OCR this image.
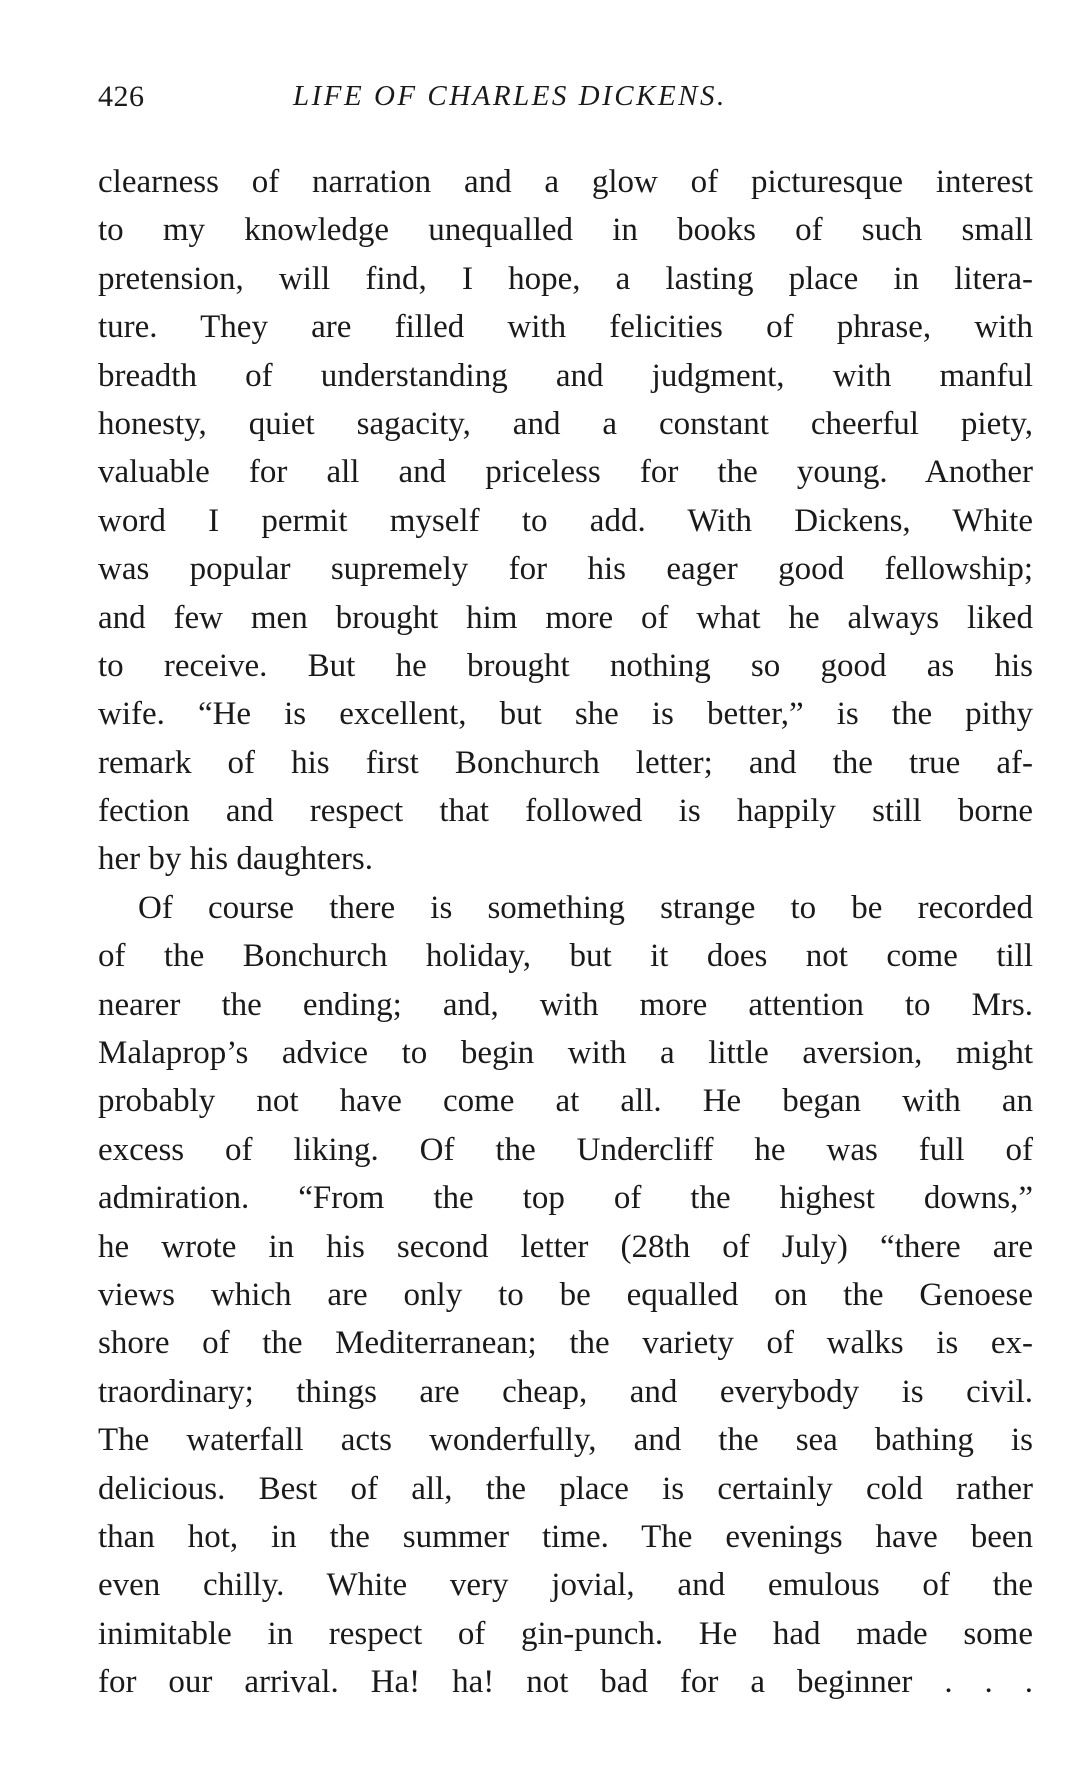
426	LIFE OF CHARLES DICKENS.
clearness of narration and a glow of picturesque interest
to my knowledge unequalled in books of such small
pretension, will find, I hope, a lasting place in litera-
ture. They are filled with felicities of phrase, with
breadth of understanding and judgment, with manful
honesty, quiet sagacity, and a constant cheerful piety,
valuable for all and priceless for the young. Another
word I permit myself to add. With Dickens, White
was popular supremely for his eager good fellowship;
and few men brought him more of what he always liked
to receive. But he brought nothing so good as his
wife. “He is excellent, but she is better,” is the pithy
remark of his first Bonchurch letter; and the true af-
fection and respect that followed is happily still borne
her by his daughters.
Of course there is something strange to be recorded
of the Bonchurch holiday, but it does not come till
nearer the ending; and, with more attention to Mrs.
Malaprop’s advice to begin with a little aversion, might
probably not have come at all. He began with an
excess of liking. Of the Undercliff he was full of
admiration. “From the top of the highest downs,”
he wrote in his second letter (28th of July) “there are
views which are only to be equalled on the Genoese
shore of the Mediterranean; the variety of walks is ex-
traordinary; things are cheap, and everybody is civil.
The waterfall acts wonderfully, and the sea bathing is
delicious. Best of all, the place is certainly cold rather
than hot, in the summer time. The evenings have been
even chilly. White very jovial, and emulous of the
inimitable in respect of gin-punch. He had made some
for our arrival. Ha! ha! not bad for a beginner . . .
